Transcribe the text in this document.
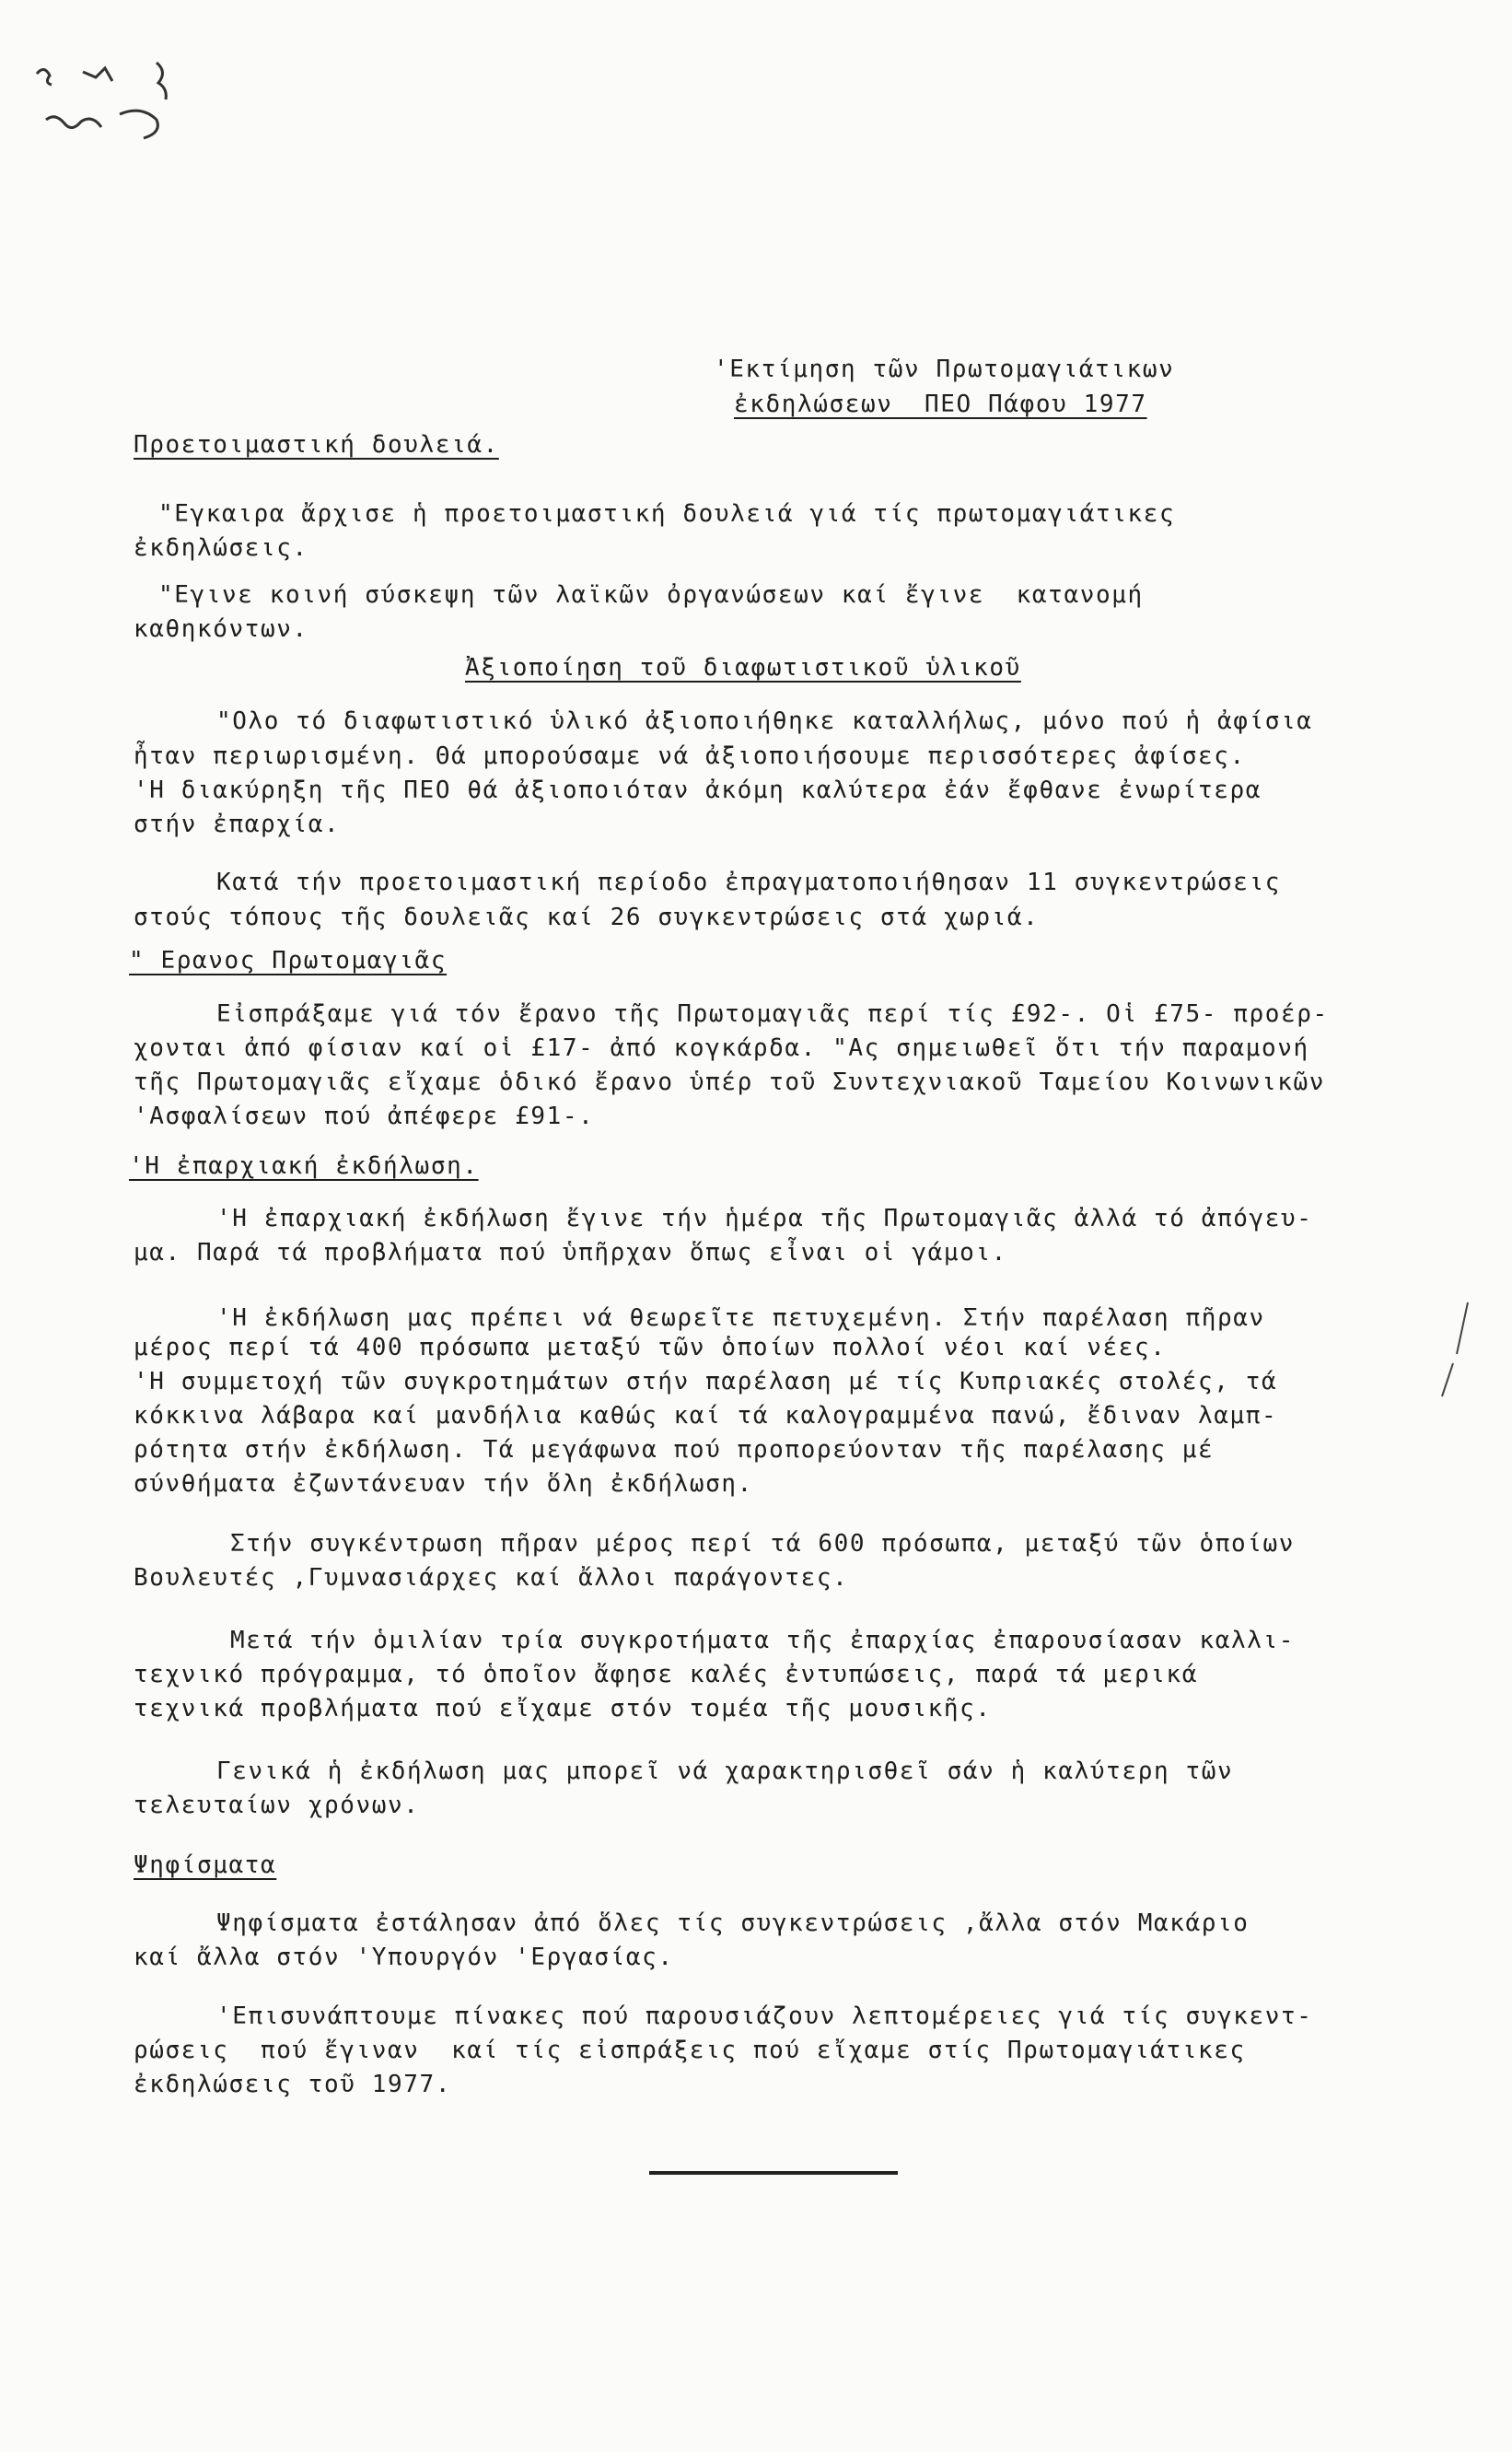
'Εκτίμηση τῶν Πρωτομαγιάτικων
ἐκδηλώσεων  ΠΕΟ Πάφου 1977
Προετοιμαστική δουλειά.
"Εγκαιρα ἄρχισε ἡ προετοιμαστική δουλειά γιά τίς πρωτομαγιάτικες
ἐκδηλώσεις.
"Εγινε κοινή σύσκεψη τῶν λαϊκῶν ὀργανώσεων καί ἔγινε  κατανομή
καθηκόντων.
Ἀξιοποίηση τοῦ διαφωτιστικοῦ ὑλικοῦ
"Ολο τό διαφωτιστικό ὑλικό ἀξιοποιήθηκε καταλλήλως, μόνο πού ἡ ἀφίσια
ἦταν περιωρισμένη. Θά μπορούσαμε νά ἀξιοποιήσουμε περισσότερες ἀφίσες.
'Η διακύρηξη τῆς ΠΕΟ θά ἀξιοποιόταν ἀκόμη καλύτερα ἐάν ἔφθανε ἐνωρίτερα
στήν ἐπαρχία.
Κατά τήν προετοιμαστική περίοδο ἐπραγματοποιήθησαν 11 συγκεντρώσεις
στούς τόπους τῆς δουλειᾶς καί 26 συγκεντρώσεις στά χωριά.
" Ερανος Πρωτομαγιᾶς
Εἰσπράξαμε γιά τόν ἔρανο τῆς Πρωτομαγιᾶς περί τίς £92-. Οἱ £75- προέρ-
χονται ἀπό φίσιαν καί οἱ £17- ἀπό κογκάρδα. "Ας σημειωθεῖ ὅτι τήν παραμονή
τῆς Πρωτομαγιᾶς εἴχαμε ὁδικό ἔρανο ὑπέρ τοῦ Συντεχνιακοῦ Ταμείου Κοινωνικῶν
'Ασφαλίσεων πού ἀπέφερε £91-.
'Η ἐπαρχιακή ἐκδήλωση.
'Η ἐπαρχιακή ἐκδήλωση ἔγινε τήν ἡμέρα τῆς Πρωτομαγιᾶς ἀλλά τό ἀπόγευ-
μα. Παρά τά προβλήματα πού ὑπῆρχαν ὅπως εἶναι οἱ γάμοι.
'Η ἐκδήλωση μας πρέπει νά θεωρεῖτε πετυχεμένη. Στήν παρέλαση πῆραν
μέρος περί τά 400 πρόσωπα μεταξύ τῶν ὁποίων πολλοί νέοι καί νέες.
'Η συμμετοχή τῶν συγκροτημάτων στήν παρέλαση μέ τίς Κυπριακές στολές, τά
κόκκινα λάβαρα καί μανδήλια καθώς καί τά καλογραμμένα πανώ, ἔδιναν λαμπ-
ρότητα στήν ἐκδήλωση. Τά μεγάφωνα πού προπορεύονταν τῆς παρέλασης μέ
σύνθήματα ἐζωντάνευαν τήν ὅλη ἐκδήλωση.
Στήν συγκέντρωση πῆραν μέρος περί τά 600 πρόσωπα, μεταξύ τῶν ὁποίων
Βουλευτές ,Γυμνασιάρχες καί ἄλλοι παράγοντες.
Μετά τήν ὁμιλίαν τρία συγκροτήματα τῆς ἐπαρχίας ἐπαρουσίασαν καλλι-
τεχνικό πρόγραμμα, τό ὁποῖον ἄφησε καλές ἐντυπώσεις, παρά τά μερικά
τεχνικά προβλήματα πού εἴχαμε στόν τομέα τῆς μουσικῆς.
Γενικά ἡ ἐκδήλωση μας μπορεῖ νά χαρακτηρισθεῖ σάν ἡ καλύτερη τῶν
τελευταίων χρόνων.
Ψηφίσματα
Ψηφίσματα ἐστάλησαν ἀπό ὅλες τίς συγκεντρώσεις ,ἄλλα στόν Μακάριο
καί ἄλλα στόν 'Υπουργόν 'Εργασίας.
'Επισυνάπτουμε πίνακες πού παρουσιάζουν λεπτομέρειες γιά τίς συγκεντ-
ρώσεις  πού ἔγιναν  καί τίς εἰσπράξεις πού εἴχαμε στίς Πρωτομαγιάτικες
ἐκδηλώσεις τοῦ 1977.
